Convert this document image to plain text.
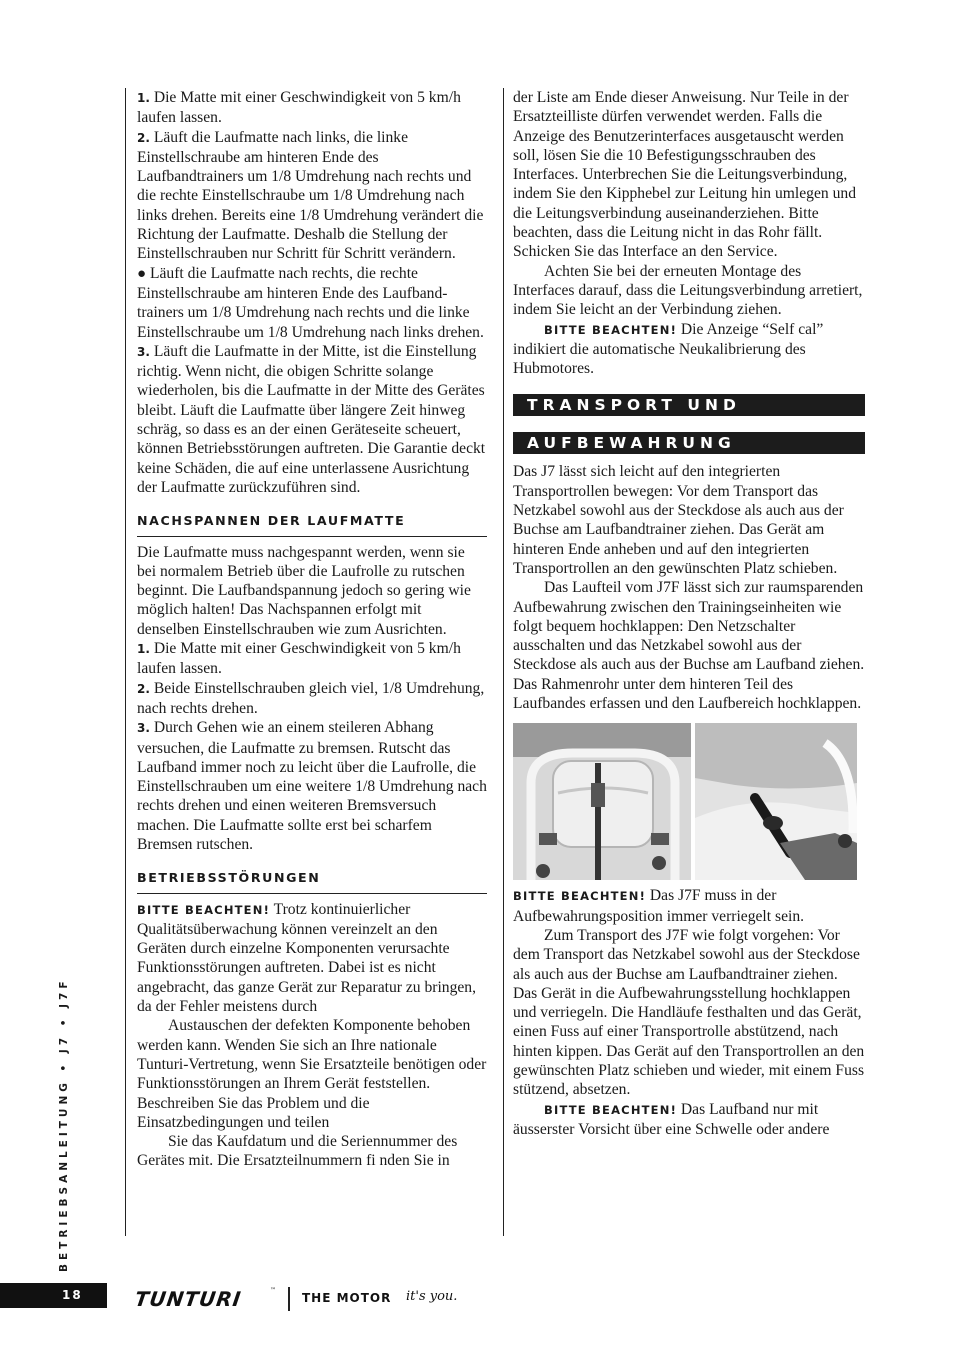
1. Die Matte mit einer Geschwindigkeit von 5 km/h laufen lassen.

2. Läuft die Laufmatte nach links, die linke Einstellschraube am hinteren Ende des Laufbandtrainers um 1/8 Umdrehung nach rechts und die rechte Einstellschraube um 1/8 Umdrehung nach links drehen. Bereits eine 1/8 Umdrehung verändert die Richtung der Laufmatte. Deshalb die Stellung der Einstellschrauben nur Schritt für Schritt verändern.

● Läuft die Laufmatte nach rechts, die rechte Einstellschraube am hinteren Ende des Laufband-trainers um 1/8 Umdrehung nach rechts und die linke Einstellschraube um 1/8 Umdrehung nach links drehen.

3. Läuft die Laufmatte in der Mitte, ist die Einstellung richtig. Wenn nicht, die obigen Schritte solange wiederholen, bis die Laufmatte in der Mitte des Gerätes bleibt. Läuft die Laufmatte über längere Zeit hinweg schräg, so dass es an der einen Geräteseite scheuert, können Betriebsstörungen auftreten. Die Garantie deckt keine Schäden, die auf eine unterlassene Ausrichtung der Laufmatte zurückzuführen sind.

NACHSPANNEN DER LAUFMATTE

Die Laufmatte muss nachgespannt werden, wenn sie bei normalem Betrieb über die Laufrolle zu rutschen beginnt. Die Laufbandspannung jedoch so gering wie möglich halten! Das Nachspannen erfolgt mit denselben Einstellschrauben wie zum Ausrichten.

1. Die Matte mit einer Geschwindigkeit von 5 km/h laufen lassen.

2. Beide Einstellschrauben gleich viel, 1/8 Umdrehung, nach rechts drehen.

3. Durch Gehen wie an einem steileren Abhang versuchen, die Laufmatte zu bremsen. Rutscht das Laufband immer noch zu leicht über die Laufrolle, die Einstellschrauben um eine weitere 1/8 Umdrehung nach rechts drehen und einen weiteren Bremsversuch machen. Die Laufmatte sollte erst bei scharfem Bremsen rutschen.

BETRIEBSSTÖRUNGEN

BITTE BEACHTEN! Trotz kontinuierlicher Qualitätsüberwachung können vereinzelt an den Geräten durch einzelne Komponenten verursachte Funktionsstörungen auftreten. Dabei ist es nicht angebracht, das ganze Gerät zur Reparatur zu bringen, da der Fehler meistens durch

Austauschen der defekten Komponente behoben werden kann. Wenden Sie sich an Ihre nationale Tunturi-Vertretung, wenn Sie Ersatzteile benötigen oder Funktionsstörungen an Ihrem Gerät feststellen. Beschreiben Sie das Problem und die Einsatzbedingungen und teilen

Sie das Kaufdatum und die Seriennummer des Gerätes mit. Die Ersatzteilnummern fi nden Sie in

der Liste am Ende dieser Anweisung. Nur Teile in der Ersatzteilliste dürfen verwendet werden. Falls die Anzeige des Benutzerinterfaces ausgetauscht werden soll, lösen Sie die 10 Befestigungsschrauben des Interfaces. Unterbrechen Sie die Leitungsverbindung, indem Sie den Kipphebel zur Leitung hin umlegen und die Leitungsverbindung auseinanderziehen. Bitte beachten, dass die Leitung nicht in das Rohr fällt. Schicken Sie das Interface an den Service.

Achten Sie bei der erneuten Montage des Interfaces darauf, dass die Leitungsverbindung arretiert, indem Sie leicht an der Verbindung ziehen.

BITTE BEACHTEN! Die Anzeige “Self cal” indikiert die automatische Neukalibrierung des Hubmotores.

TRANSPORT UND
AUFBEWAHRUNG

Das J7 lässt sich leicht auf den integrierten Transportrollen bewegen: Vor dem Transport das Netzkabel sowohl aus der Steckdose als auch aus der Buchse am Laufbandtrainer ziehen. Das Gerät am hinteren Ende anheben und auf den integrierten Transportrollen an den gewünschten Platz schieben.

Das Laufteil vom J7F lässt sich zur raumsparenden Aufbewahrung zwischen den Trainingseinheiten wie folgt bequem hochklappen: Den Netzschalter ausschalten und das Netzkabel sowohl aus der Steckdose als auch aus der Buchse am Laufband ziehen. Das Rahmenrohr unter dem hinteren Teil des Laufbandes erfassen und den Laufbereich hochklappen.

BITTE BEACHTEN! Das J7F muss in der Aufbewahrungsposition immer verriegelt sein.

Zum Transport des J7F wie folgt vorgehen: Vor dem Transport das Netzkabel sowohl aus der Steckdose als auch aus der Buchse am Laufbandtrainer ziehen. Das Gerät in die Aufbewahrungsstellung hochklappen und verriegeln. Die Handläufe festhalten und das Gerät, einen Fuss auf einer Transportrolle abstützend, nach hinten kippen. Das Gerät auf den Transportrollen an den gewünschten Platz schieben und wieder, mit einem Fuss stützend, absetzen.

BITTE BEACHTEN! Das Laufband nur mit äusserster Vorsicht über eine Schwelle oder andere

BETRIEBSANLEITUNG • J7 • J7F
18	TUNTURI	™
THE MOTOR it's you.
